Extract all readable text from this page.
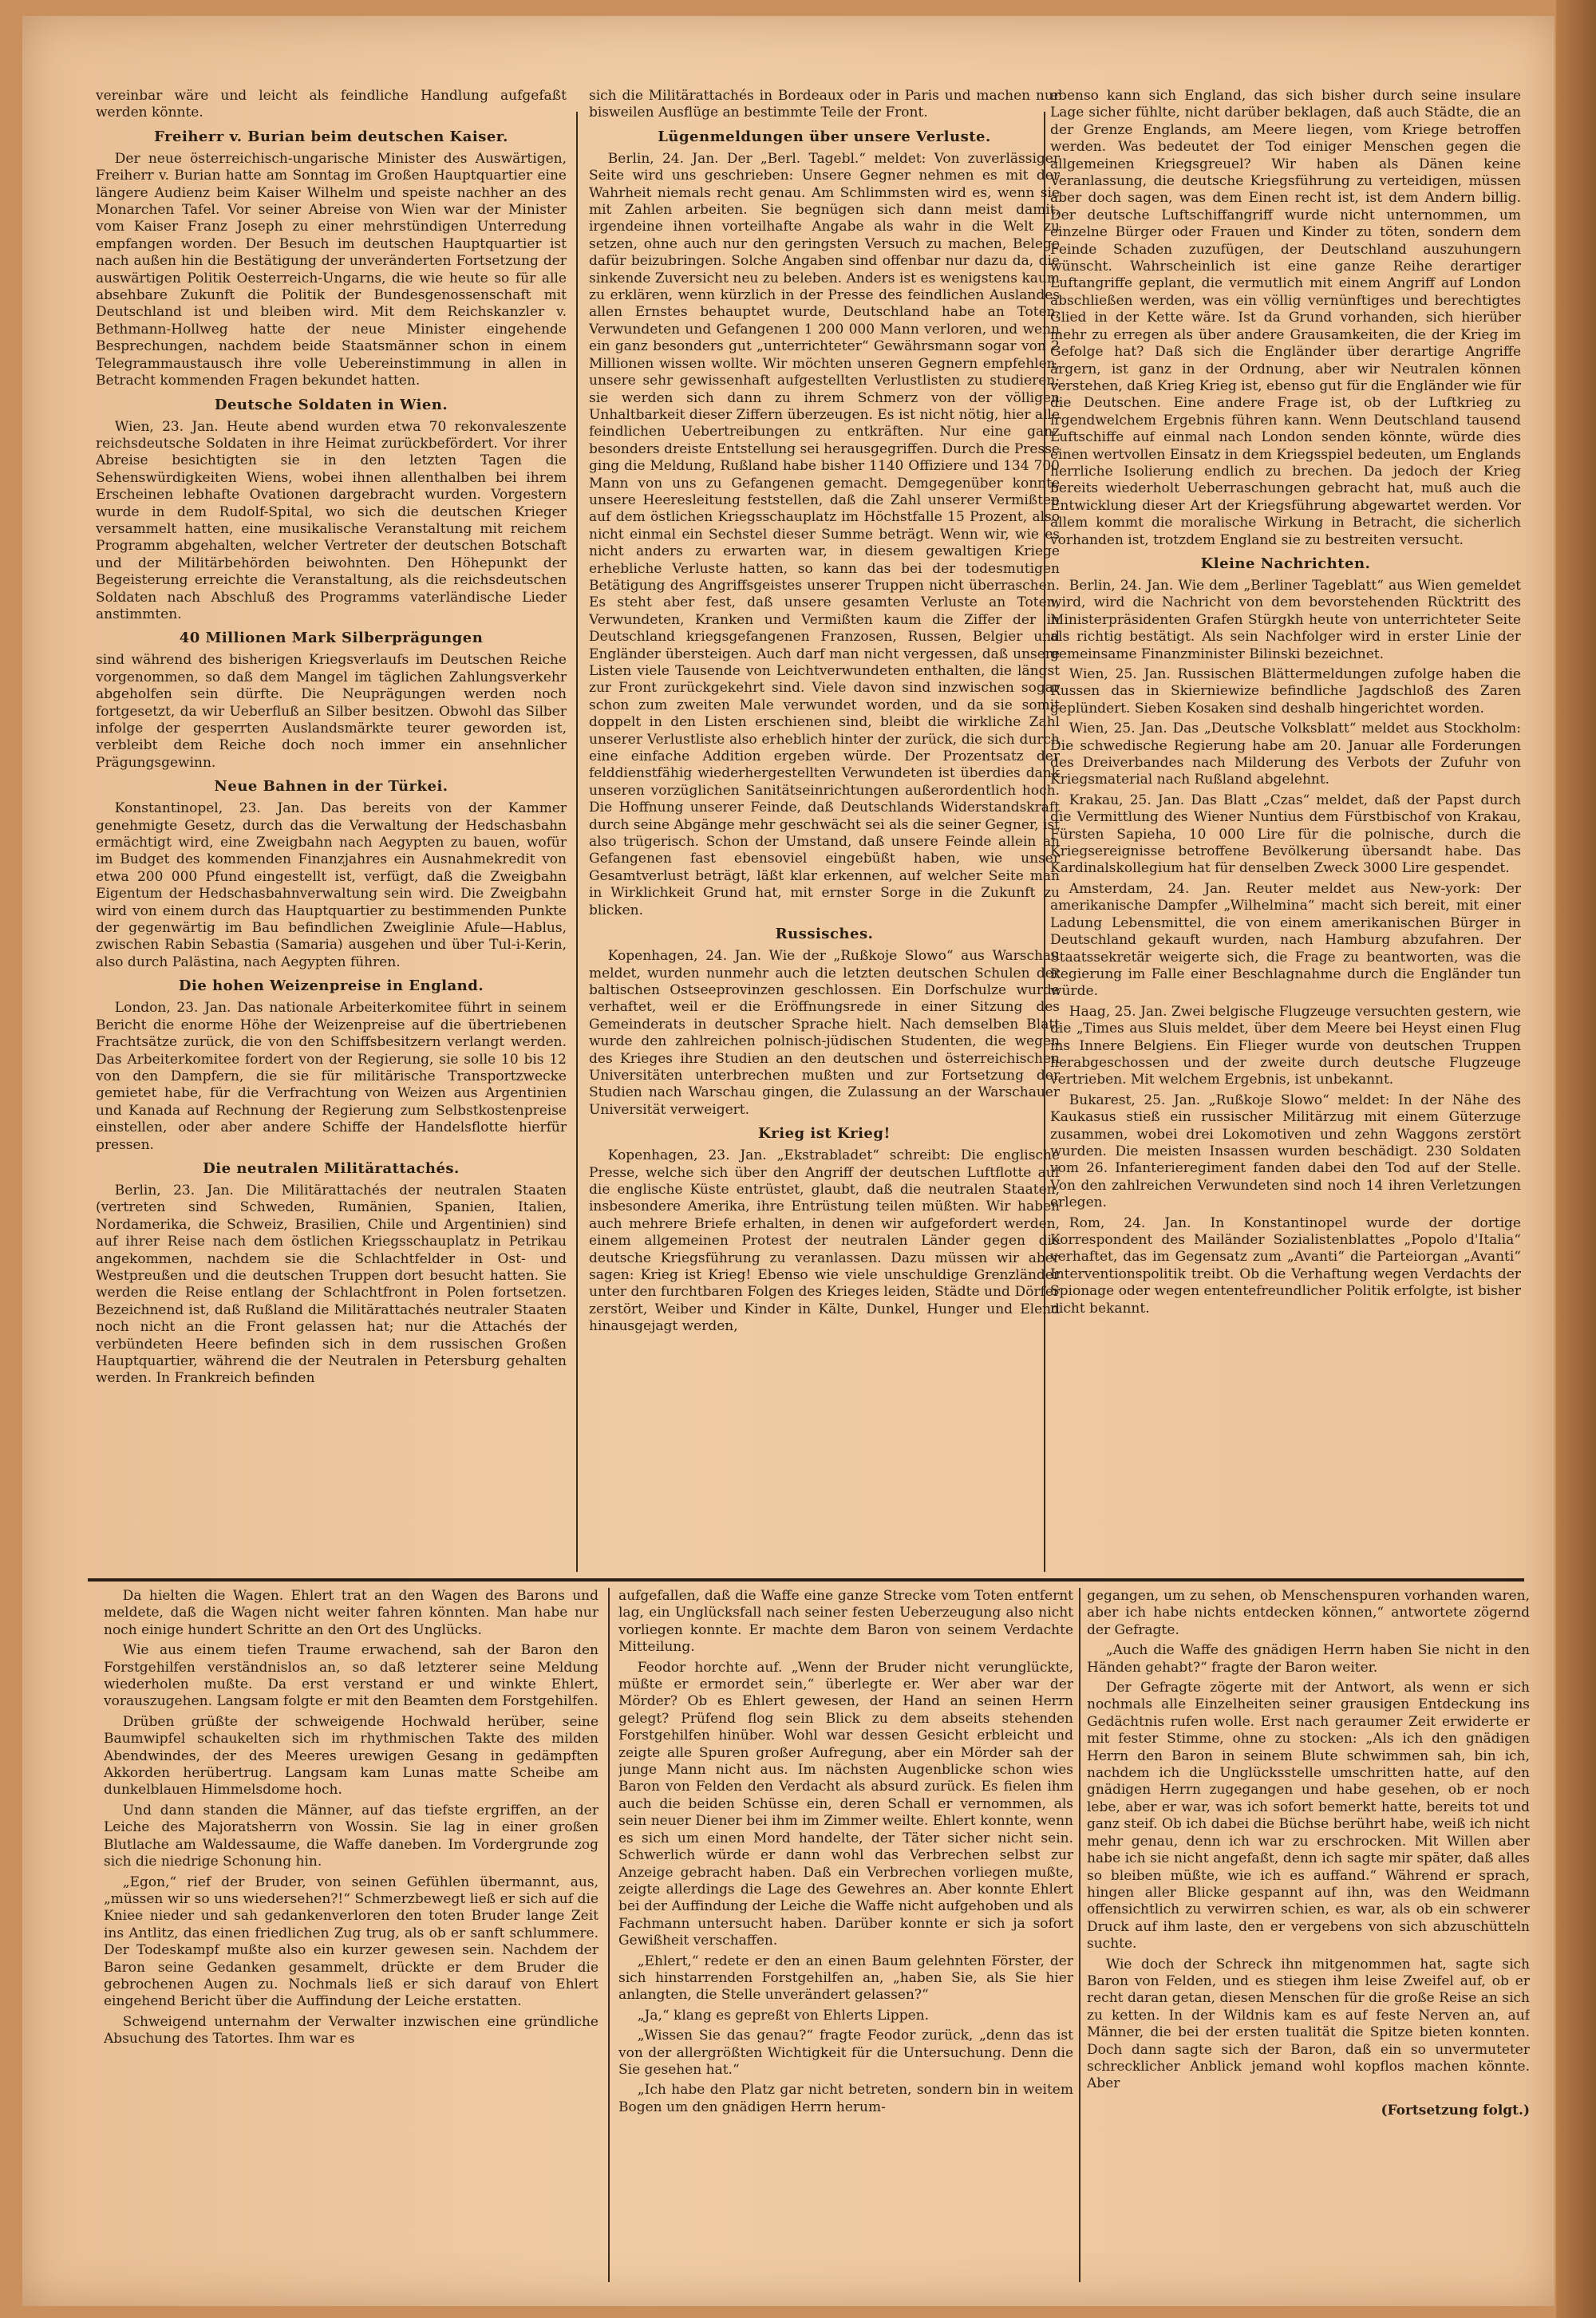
vereinbar wäre und leicht als feindliche Handlung aufgefaßt werden könnte.

Freiherr v. Burian beim deutschen Kaiser.

Der neue österreichisch-ungarische Minister des Auswärtigen, Freiherr v. Burian hatte am Sonntag im Großen Hauptquartier eine längere Audienz beim Kaiser Wilhelm und speiste nachher an des Monarchen Tafel. Vor seiner Abreise von Wien war der Minister vom Kaiser Franz Joseph zu einer mehrstündigen Unterredung empfangen worden. Der Besuch im deutschen Hauptquartier ist nach außen hin die Bestätigung der unveränderten Fortsetzung der auswärtigen Politik Oesterreich-Ungarns, die wie heute so für alle absehbare Zukunft die Politik der Bundesgenossenschaft mit Deutschland ist und bleiben wird. Mit dem Reichskanzler v. Bethmann-Hollweg hatte der neue Minister eingehende Besprechungen, nachdem beide Staatsmänner schon in einem Telegrammaustausch ihre volle Uebereinstimmung in allen in Betracht kommenden Fragen bekundet hatten.

Deutsche Soldaten in Wien.

Wien, 23. Jan. Heute abend wurden etwa 70 rekonvaleszente reichsdeutsche Soldaten in ihre Heimat zurückbefördert. Vor ihrer Abreise besichtigten sie in den letzten Tagen die Sehenswürdigkeiten Wiens, wobei ihnen allenthalben bei ihrem Erscheinen lebhafte Ovationen dargebracht wurden. Vorgestern wurde in dem Rudolf-Spital, wo sich die deutschen Krieger versammelt hatten, eine musikalische Veranstaltung mit reichem Programm abgehalten, welcher Vertreter der deutschen Botschaft und der Militärbehörden beiwohnten. Den Höhepunkt der Begeisterung erreichte die Veranstaltung, als die reichsdeutschen Soldaten nach Abschluß des Programms vaterländische Lieder anstimmten.

40 Millionen Mark Silberprägungen

sind während des bisherigen Kriegsverlaufs im Deutschen Reiche vorgenommen, so daß dem Mangel im täglichen Zahlungsverkehr abgeholfen sein dürfte. Die Neuprägungen werden noch fortgesetzt, da wir Ueberfluß an Silber besitzen. Obwohl das Silber infolge der gesperrten Auslandsmärkte teurer geworden ist, verbleibt dem Reiche doch noch immer ein ansehnlicher Prägungsgewinn.

Neue Bahnen in der Türkei.

Konstantinopel, 23. Jan. Das bereits von der Kammer genehmigte Gesetz, durch das die Verwaltung der Hedschasbahn ermächtigt wird, eine Zweigbahn nach Aegypten zu bauen, wofür im Budget des kommenden Finanzjahres ein Ausnahmekredit von etwa 200 000 Pfund eingestellt ist, verfügt, daß die Zweigbahn Eigentum der Hedschasbahnverwaltung sein wird. Die Zweigbahn wird von einem durch das Hauptquartier zu bestimmenden Punkte der gegenwärtig im Bau befindlichen Zweiglinie Afule—Hablus, zwischen Rabin Sebastia (Samaria) ausgehen und über Tul-i-Kerin, also durch Palästina, nach Aegypten führen.

Die hohen Weizenpreise in England.

London, 23. Jan. Das nationale Arbeiterkomitee führt in seinem Bericht die enorme Höhe der Weizenpreise auf die übertriebenen Frachtsätze zurück, die von den Schiffsbesitzern verlangt werden. Das Arbeiterkomitee fordert von der Regierung, sie solle 10 bis 12 von den Dampfern, die sie für militärische Transportzwecke gemietet habe, für die Verfrachtung von Weizen aus Argentinien und Kanada auf Rechnung der Regierung zum Selbstkostenpreise einstellen, oder aber andere Schiffe der Handelsflotte hierfür pressen.

Die neutralen Militärattachés.

Berlin, 23. Jan. Die Militärattachés der neutralen Staaten (vertreten sind Schweden, Rumänien, Spanien, Italien, Nordamerika, die Schweiz, Brasilien, Chile und Argentinien) sind auf ihrer Reise nach dem östlichen Kriegsschauplatz in Petrikau angekommen, nachdem sie die Schlachtfelder in Ost- und Westpreußen und die deutschen Truppen dort besucht hatten. Sie werden die Reise entlang der Schlachtfront in Polen fortsetzen. Bezeichnend ist, daß Rußland die Militärattachés neutraler Staaten noch nicht an die Front gelassen hat; nur die Attachés der verbündeten Heere befinden sich in dem russischen Großen Hauptquartier, während die der Neutralen in Petersburg gehalten werden. In Frankreich befinden

sich die Militärattachés in Bordeaux oder in Paris und machen nur bisweilen Ausflüge an bestimmte Teile der Front.

Lügenmeldungen über unsere Verluste.

Berlin, 24. Jan. Der „Berl. Tagebl.“ meldet: Von zuverlässiger Seite wird uns geschrieben: Unsere Gegner nehmen es mit der Wahrheit niemals recht genau. Am Schlimmsten wird es, wenn sie mit Zahlen arbeiten. Sie begnügen sich dann meist damit, irgendeine ihnen vorteilhafte Angabe als wahr in die Welt zu setzen, ohne auch nur den geringsten Versuch zu machen, Belege dafür beizubringen. Solche Angaben sind offenbar nur dazu da, die sinkende Zuversicht neu zu beleben. Anders ist es wenigstens kaum zu erklären, wenn kürzlich in der Presse des feindlichen Auslandes allen Ernstes behauptet wurde, Deutschland habe an Toten, Verwundeten und Gefangenen 1 200 000 Mann verloren, und wenn ein ganz besonders gut „unterrichteter“ Gewährsmann sogar von 2 Millionen wissen wollte. Wir möchten unseren Gegnern empfehlen, unsere sehr gewissenhaft aufgestellten Verlustlisten zu studieren; sie werden sich dann zu ihrem Schmerz von der völligen Unhaltbarkeit dieser Ziffern überzeugen. Es ist nicht nötig, hier alle feindlichen Uebertreibungen zu entkräften. Nur eine ganz besonders dreiste Entstellung sei herausgegriffen. Durch die Presse ging die Meldung, Rußland habe bisher 1140 Offiziere und 134 700 Mann von uns zu Gefangenen gemacht. Demgegenüber konnte unsere Heeresleitung feststellen, daß die Zahl unserer Vermißten auf dem östlichen Kriegsschauplatz im Höchstfalle 15 Prozent, also nicht einmal ein Sechstel dieser Summe beträgt. Wenn wir, wie es nicht anders zu erwarten war, in diesem gewaltigen Kriege erhebliche Verluste hatten, so kann das bei der todesmutigen Betätigung des Angriffsgeistes unserer Truppen nicht überraschen. Es steht aber fest, daß unsere gesamten Verluste an Toten, Verwundeten, Kranken und Vermißten kaum die Ziffer der in Deutschland kriegsgefangenen Franzosen, Russen, Belgier und Engländer übersteigen. Auch darf man nicht vergessen, daß unsere Listen viele Tausende von Leichtverwundeten enthalten, die längst zur Front zurückgekehrt sind. Viele davon sind inzwischen sogar schon zum zweiten Male verwundet worden, und da sie somit doppelt in den Listen erschienen sind, bleibt die wirkliche Zahl unserer Verlustliste also erheblich hinter der zurück, die sich durch eine einfache Addition ergeben würde. Der Prozentsatz der felddienstfähig wiederhergestellten Verwundeten ist überdies dank unseren vorzüglichen Sanitätseinrichtungen außerordentlich hoch. Die Hoffnung unserer Feinde, daß Deutschlands Widerstandskraft durch seine Abgänge mehr geschwächt sei als die seiner Gegner, ist also trügerisch. Schon der Umstand, daß unsere Feinde allein an Gefangenen fast ebensoviel eingebüßt haben, wie unser Gesamtverlust beträgt, läßt klar erkennen, auf welcher Seite man in Wirklichkeit Grund hat, mit ernster Sorge in die Zukunft zu blicken.

Russisches.

Kopenhagen, 24. Jan. Wie der „Rußkoje Slowo“ aus Warschau meldet, wurden nunmehr auch die letzten deutschen Schulen der baltischen Ostseeprovinzen geschlossen. Ein Dorfschulze wurde verhaftet, weil er die Eröffnungsrede in einer Sitzung des Gemeinderats in deutscher Sprache hielt. Nach demselben Blatt wurde den zahlreichen polnisch-jüdischen Studenten, die wegen des Krieges ihre Studien an den deutschen und österreichischen Universitäten unterbrechen mußten und zur Fortsetzung der Studien nach Warschau gingen, die Zulassung an der Warschauer Universität verweigert.

Krieg ist Krieg!

Kopenhagen, 23. Jan. „Ekstrabladet“ schreibt: Die englische Presse, welche sich über den Angriff der deutschen Luftflotte auf die englische Küste entrüstet, glaubt, daß die neutralen Staaten, insbesondere Amerika, ihre Entrüstung teilen müßten. Wir haben auch mehrere Briefe erhalten, in denen wir aufgefordert werden, einem allgemeinen Protest der neutralen Länder gegen die deutsche Kriegsführung zu veranlassen. Dazu müssen wir aber sagen: Krieg ist Krieg! Ebenso wie viele unschuldige Grenzländer unter den furchtbaren Folgen des Krieges leiden, Städte und Dörfer zerstört, Weiber und Kinder in Kälte, Dunkel, Hunger und Elend hinausgejagt werden,

ebenso kann sich England, das sich bisher durch seine insulare Lage sicher fühlte, nicht darüber beklagen, daß auch Städte, die an der Grenze Englands, am Meere liegen, vom Kriege betroffen werden. Was bedeutet der Tod einiger Menschen gegen die allgemeinen Kriegsgreuel? Wir haben als Dänen keine Veranlassung, die deutsche Kriegsführung zu verteidigen, müssen aber doch sagen, was dem Einen recht ist, ist dem Andern billig. Der deutsche Luftschiffangriff wurde nicht unternommen, um einzelne Bürger oder Frauen und Kinder zu töten, sondern dem Feinde Schaden zuzufügen, der Deutschland auszuhungern wünscht. Wahrscheinlich ist eine ganze Reihe derartiger Luftangriffe geplant, die vermutlich mit einem Angriff auf London abschließen werden, was ein völlig vernünftiges und berechtigtes Glied in der Kette wäre. Ist da Grund vorhanden, sich hierüber mehr zu erregen als über andere Grausamkeiten, die der Krieg im Gefolge hat? Daß sich die Engländer über derartige Angriffe ärgern, ist ganz in der Ordnung, aber wir Neutralen können verstehen, daß Krieg Krieg ist, ebenso gut für die Engländer wie für die Deutschen. Eine andere Frage ist, ob der Luftkrieg zu irgendwelchem Ergebnis führen kann. Wenn Deutschland tausend Luftschiffe auf einmal nach London senden könnte, würde dies einen wertvollen Einsatz in dem Kriegsspiel bedeuten, um Englands herrliche Isolierung endlich zu brechen. Da jedoch der Krieg bereits wiederholt Ueberraschungen gebracht hat, muß auch die Entwicklung dieser Art der Kriegsführung abgewartet werden. Vor allem kommt die moralische Wirkung in Betracht, die sicherlich vorhanden ist, trotzdem England sie zu bestreiten versucht.

Kleine Nachrichten.

Berlin, 24. Jan. Wie dem „Berliner Tageblatt“ aus Wien gemeldet wird, wird die Nachricht von dem bevorstehenden Rücktritt des Ministerpräsidenten Grafen Stürgkh heute von unterrichteter Seite als richtig bestätigt. Als sein Nachfolger wird in erster Linie der gemeinsame Finanzminister Bilinski bezeichnet.

Wien, 25. Jan. Russischen Blättermeldungen zufolge haben die Russen das in Skierniewize befindliche Jagdschloß des Zaren geplündert. Sieben Kosaken sind deshalb hingerichtet worden.

Wien, 25. Jan. Das „Deutsche Volksblatt“ meldet aus Stockholm: Die schwedische Regierung habe am 20. Januar alle Forderungen des Dreiverbandes nach Milderung des Verbots der Zufuhr von Kriegsmaterial nach Rußland abgelehnt.

Krakau, 25. Jan. Das Blatt „Czas“ meldet, daß der Papst durch die Vermittlung des Wiener Nuntius dem Fürstbischof von Krakau, Fürsten Sapieha, 10 000 Lire für die polnische, durch die Kriegsereignisse betroffene Bevölkerung übersandt habe. Das Kardinalskollegium hat für denselben Zweck 3000 Lire gespendet.

Amsterdam, 24. Jan. Reuter meldet aus New-york: Der amerikanische Dampfer „Wilhelmina“ macht sich bereit, mit einer Ladung Lebensmittel, die von einem amerikanischen Bürger in Deutschland gekauft wurden, nach Hamburg abzufahren. Der Staatssekretär weigerte sich, die Frage zu beantworten, was die Regierung im Falle einer Beschlagnahme durch die Engländer tun würde.

Haag, 25. Jan. Zwei belgische Flugzeuge versuchten gestern, wie die „Times aus Sluis meldet, über dem Meere bei Heyst einen Flug ins Innere Belgiens. Ein Flieger wurde von deutschen Truppen herabgeschossen und der zweite durch deutsche Flugzeuge vertrieben. Mit welchem Ergebnis, ist unbekannt.

Bukarest, 25. Jan. „Rußkoje Slowo“ meldet: In der Nähe des Kaukasus stieß ein russischer Militärzug mit einem Güterzuge zusammen, wobei drei Lokomotiven und zehn Waggons zerstört wurden. Die meisten Insassen wurden beschädigt. 230 Soldaten vom 26. Infanterieregiment fanden dabei den Tod auf der Stelle. Von den zahlreichen Verwundeten sind noch 14 ihren Verletzungen erlegen.

Rom, 24. Jan. In Konstantinopel wurde der dortige Korrespondent des Mailänder Sozialistenblattes „Popolo d'Italia“ verhaftet, das im Gegensatz zum „Avanti“ die Parteiorgan „Avanti“ Interventionspolitik treibt. Ob die Verhaftung wegen Verdachts der Spionage oder wegen ententefreundlicher Politik erfolgte, ist bisher nicht bekannt.

Da hielten die Wagen. Ehlert trat an den Wagen des Barons und meldete, daß die Wagen nicht weiter fahren könnten. Man habe nur noch einige hundert Schritte an den Ort des Unglücks.

Wie aus einem tiefen Traume erwachend, sah der Baron den Forstgehilfen verständnislos an, so daß letzterer seine Meldung wiederholen mußte. Da erst verstand er und winkte Ehlert, vorauszugehen. Langsam folgte er mit den Beamten dem Forstgehilfen.

Drüben grüßte der schweigende Hochwald herüber, seine Baumwipfel schaukelten sich im rhythmischen Takte des milden Abendwindes, der des Meeres urewigen Gesang in gedämpften Akkorden herübertrug. Langsam kam Lunas matte Scheibe am dunkelblauen Himmelsdome hoch.

Und dann standen die Männer, auf das tiefste ergriffen, an der Leiche des Majoratsherrn von Wossin. Sie lag in einer großen Blutlache am Waldessaume, die Waffe daneben. Im Vordergrunde zog sich die niedrige Schonung hin.

„Egon,“ rief der Bruder, von seinen Gefühlen übermannt, aus, „müssen wir so uns wiedersehen?!“ Schmerzbewegt ließ er sich auf die Kniee nieder und sah gedankenverloren den toten Bruder lange Zeit ins Antlitz, das einen friedlichen Zug trug, als ob er sanft schlummere. Der Todeskampf mußte also ein kurzer gewesen sein. Nachdem der Baron seine Gedanken gesammelt, drückte er dem Bruder die gebrochenen Augen zu. Nochmals ließ er sich darauf von Ehlert eingehend Bericht über die Auffindung der Leiche erstatten.

Schweigend unternahm der Verwalter inzwischen eine gründliche Absuchung des Tatortes. Ihm war es

aufgefallen, daß die Waffe eine ganze Strecke vom Toten entfernt lag, ein Unglücksfall nach seiner festen Ueberzeugung also nicht vorliegen konnte. Er machte dem Baron von seinem Verdachte Mitteilung.

Feodor horchte auf. „Wenn der Bruder nicht verunglückte, müßte er ermordet sein,“ überlegte er. Wer aber war der Mörder? Ob es Ehlert gewesen, der Hand an seinen Herrn gelegt? Prüfend flog sein Blick zu dem abseits stehenden Forstgehilfen hinüber. Wohl war dessen Gesicht erbleicht und zeigte alle Spuren großer Aufregung, aber ein Mörder sah der junge Mann nicht aus. Im nächsten Augenblicke schon wies Baron von Felden den Verdacht als absurd zurück. Es fielen ihm auch die beiden Schüsse ein, deren Schall er vernommen, als sein neuer Diener bei ihm im Zimmer weilte. Ehlert konnte, wenn es sich um einen Mord handelte, der Täter sicher nicht sein. Schwerlich würde er dann wohl das Verbrechen selbst zur Anzeige gebracht haben. Daß ein Verbrechen vorliegen mußte, zeigte allerdings die Lage des Gewehres an. Aber konnte Ehlert bei der Auffindung der Leiche die Waffe nicht aufgehoben und als Fachmann untersucht haben. Darüber konnte er sich ja sofort Gewißheit verschaffen.

„Ehlert,“ redete er den an einen Baum gelehnten Förster, der sich hinstarrenden Forstgehilfen an, „haben Sie, als Sie hier anlangten, die Stelle unverändert gelassen?“

„Ja,“ klang es gepreßt von Ehlerts Lippen.

„Wissen Sie das genau?“ fragte Feodor zurück, „denn das ist von der allergrößten Wichtigkeit für die Untersuchung. Denn die Sie gesehen hat.“

„Ich habe den Platz gar nicht betreten, sondern bin in weitem Bogen um den gnädigen Herrn herum-

gegangen, um zu sehen, ob Menschenspuren vorhanden waren, aber ich habe nichts entdecken können,“ antwortete zögernd der Gefragte.

„Auch die Waffe des gnädigen Herrn haben Sie nicht in den Händen gehabt?“ fragte der Baron weiter.

Der Gefragte zögerte mit der Antwort, als wenn er sich nochmals alle Einzelheiten seiner grausigen Entdeckung ins Gedächtnis rufen wolle. Erst nach geraumer Zeit erwiderte er mit fester Stimme, ohne zu stocken: „Als ich den gnädigen Herrn den Baron in seinem Blute schwimmen sah, bin ich, nachdem ich die Unglücksstelle umschritten hatte, auf den gnädigen Herrn zugegangen und habe gesehen, ob er noch lebe, aber er war, was ich sofort bemerkt hatte, bereits tot und ganz steif. Ob ich dabei die Büchse berührt habe, weiß ich nicht mehr genau, denn ich war zu erschrocken. Mit Willen aber habe ich sie nicht angefaßt, denn ich sagte mir später, daß alles so bleiben müßte, wie ich es auffand.“ Während er sprach, hingen aller Blicke gespannt auf ihn, was den Weidmann offensichtlich zu verwirren schien, es war, als ob ein schwerer Druck auf ihm laste, den er vergebens von sich abzuschütteln suchte.

Wie doch der Schreck ihn mitgenommen hat, sagte sich Baron von Felden, und es stiegen ihm leise Zweifel auf, ob er recht daran getan, diesen Menschen für die große Reise an sich zu ketten. In der Wildnis kam es auf feste Nerven an, auf Männer, die bei der ersten tualität die Spitze bieten konnten. Doch dann sagte sich der Baron, daß ein so unvermuteter schrecklicher Anblick jemand wohl kopflos machen könnte. Aber

(Fortsetzung folgt.)
